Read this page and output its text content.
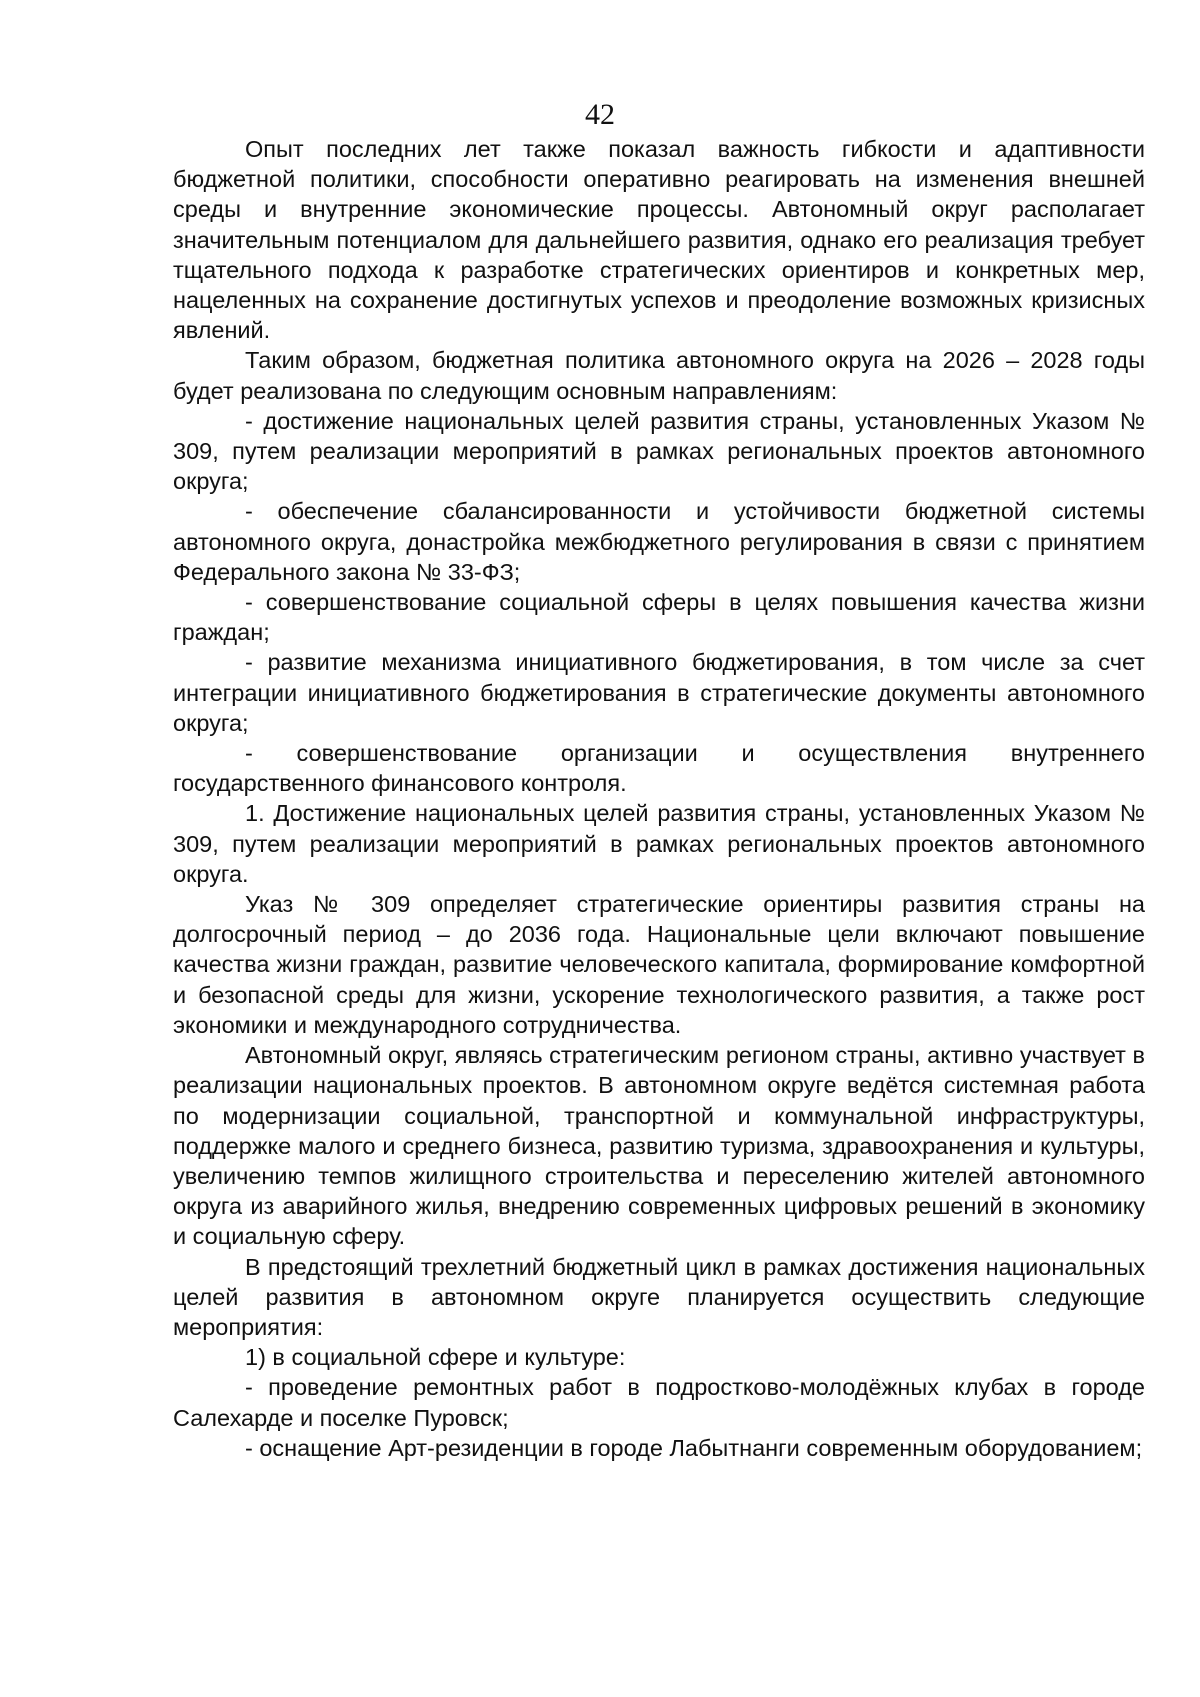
42

Опыт последних лет также показал важность гибкости и адаптивности бюджетной политики, способности оперативно реагировать на изменения внешней среды и внутренние экономические процессы. Автономный округ располагает значительным потенциалом для дальнейшего развития, однако его реализация требует тщательного подхода к разработке стратегических ориентиров и конкретных мер, нацеленных на сохранение достигнутых успехов и преодоление возможных кризисных явлений.

Таким образом, бюджетная политика автономного округа на 2026 – 2028 годы будет реализована по следующим основным направлениям:

- достижение национальных целей развития страны, установленных Указом № 309, путем реализации мероприятий в рамках региональных проектов автономного округа;

- обеспечение сбалансированности и устойчивости бюджетной системы автономного округа, донастройка межбюджетного регулирования в связи с принятием Федерального закона № 33-ФЗ;

- совершенствование социальной сферы в целях повышения качества жизни граждан;

- развитие механизма инициативного бюджетирования, в том числе за счет интеграции инициативного бюджетирования в стратегические документы автономного округа;

- совершенствование организации и осуществления внутреннего государственного финансового контроля.

1. Достижение национальных целей развития страны, установленных Указом № 309, путем реализации мероприятий в рамках региональных проектов автономного округа.

Указ № 309 определяет стратегические ориентиры развития страны на долгосрочный период – до 2036 года. Национальные цели включают повышение качества жизни граждан, развитие человеческого капитала, формирование комфортной и безопасной среды для жизни, ускорение технологического развития, а также рост экономики и международного сотрудничества.

Автономный округ, являясь стратегическим регионом страны, активно участвует в реализации национальных проектов. В автономном округе ведётся системная работа по модернизации социальной, транспортной и коммунальной инфраструктуры, поддержке малого и среднего бизнеса, развитию туризма, здравоохранения и культуры, увеличению темпов жилищного строительства и переселению жителей автономного округа из аварийного жилья, внедрению современных цифровых решений в экономику и социальную сферу.

В предстоящий трехлетний бюджетный цикл в рамках достижения национальных целей развития в автономном округе планируется осуществить следующие мероприятия:

1) в социальной сфере и культуре:

- проведение ремонтных работ в подростково-молодёжных клубах в городе Салехарде и поселке Пуровск;

- оснащение Арт-резиденции в городе Лабытнанги современным оборудованием;
